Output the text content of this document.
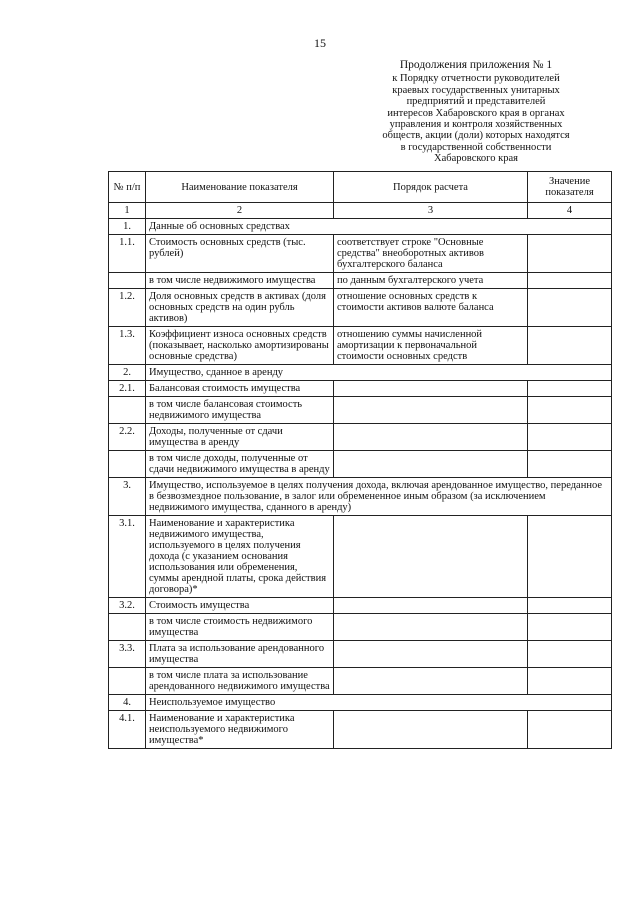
15
Продолжения приложения № 1
к Порядку отчетности руководителей
краевых государственных унитарных
предприятий и представителей
интересов Хабаровского края в органах
управления и контроля хозяйственных
обществ, акции (доли) которых находятся
в государственной собственности
Хабаровского края
№ п/п	Наименование показателя	Порядок расчета	Значение показателя
1	2	3	4
1.	Данные об основных средствах		
1.1.	Стоимость основных средств (тыс. рублей)	соответствует строке "Основные средства" внеоборотных активов бухгалтерского баланса	
	в том числе недвижимого имущества	по данным бухгалтерского учета	
1.2.	Доля основных средств в активах (доля основных средств на один рубль активов)	отношение основных средств к стоимости активов валюте баланса	
1.3.	Коэффициент износа основных средств (показывает, насколько амортизированы основные средства)	отношению суммы начисленной амортизации к первоначальной стоимости основных средств	
2.	Имущество, сданное в аренду		
2.1.	Балансовая стоимость имущества		
	в том числе балансовая стоимость недвижимого имущества		
2.2.	Доходы, полученные от сдачи имущества в аренду		
	в том числе доходы, полученные от сдачи недвижимого имущества в аренду		
3.	Имущество, используемое в целях получения дохода, включая арендованное имущество, переданное в безвозмездное пользование, в залог или обремененное иным образом (за исключением недвижимого имущества, сданного в аренду)		
3.1.	Наименование и характеристика недвижимого имущества, используемого в целях получения дохода (с указанием основания использования или обременения, суммы арендной платы, срока действия договора)*		
3.2.	Стоимость имущества		
	в том числе стоимость недвижимого имущества		
3.3.	Плата за использование арендованного имущества		
	в том числе плата за использование арендованного недвижимого имущества		
4.	Неиспользуемое имущество		
4.1.	Наименование и характеристика неиспользуемого недвижимого имущества*		
